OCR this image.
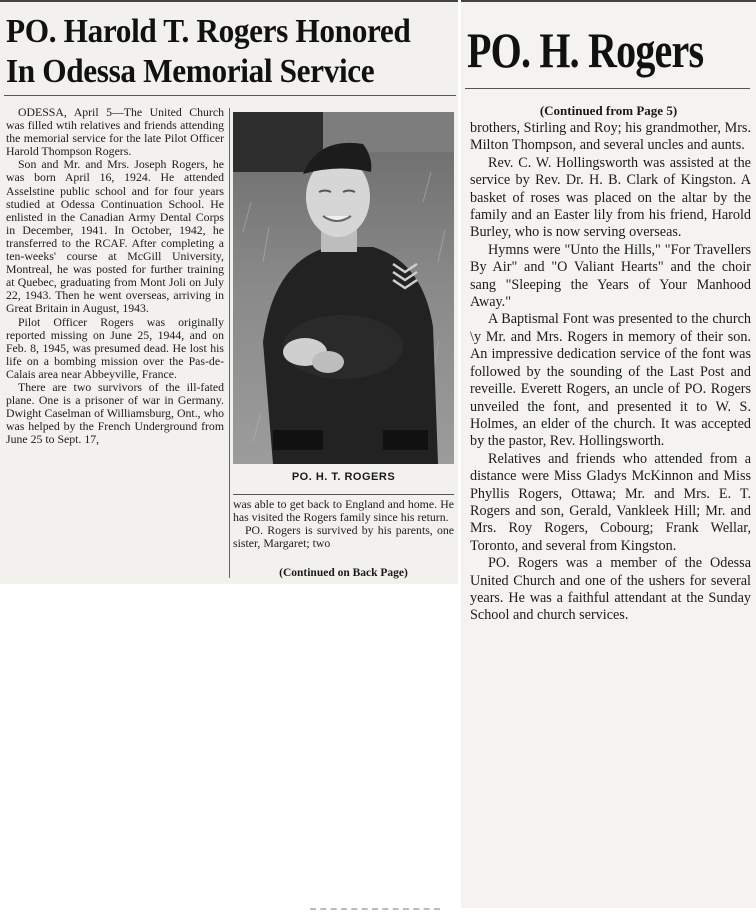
PO. Harold T. Rogers Honored
In Odessa Memorial Service

ODESSA, April 5—The United Church was filled wtih relatives and friends attending the memorial service for the late Pilot Officer Harold Thompson Rogers.

Son and Mr. and Mrs. Joseph Rogers, he was born April 16, 1924. He attended Asselstine public school and for four years studied at Odessa Continuation School. He enlisted in the Canadian Army Dental Corps in December, 1941. In October, 1942, he transferred to the RCAF. After completing a ten-weeks' course at McGill University, Montreal, he was posted for further training at Quebec, graduating from Mont Joli on July 22, 1943. Then he went overseas, arriving in Great Britain in August, 1943.

Pilot Officer Rogers was originally reported missing on June 25, 1944, and on Feb. 8, 1945, was presumed dead. He lost his life on a bombing mission over the Pas-de-Calais area near Abbeyville, France.

There are two survivors of the ill-fated plane. One is a prisoner of war in Germany. Dwight Caselman of Williamsburg, Ont., who was helped by the French Underground from June 25 to Sept. 17,

PO. H. T. ROGERS

was able to get back to England and home. He has visited the Rogers family since his return.

PO. Rogers is survived by his parents, one sister, Margaret; two

(Continued on Back Page)
PO. H. Rogers
(Continued from Page 5)

brothers, Stirling and Roy; his grandmother, Mrs. Milton Thompson, and several uncles and aunts.

Rev. C. W. Hollingsworth was assisted at the service by Rev. Dr. H. B. Clark of Kingston. A basket of roses was placed on the altar by the family and an Easter lily from his friend, Harold Burley, who is now serving overseas.

Hymns were "Unto the Hills," "For Travellers By Air" and "O Valiant Hearts" and the choir sang "Sleeping the Years of Your Manhood Away."

A Baptismal Font was presented to the church \y Mr. and Mrs. Rogers in memory of their son. An impressive dedication service of the font was followed by the sounding of the Last Post and reveille. Everett Rogers, an uncle of PO. Rogers unveiled the font, and presented it to W. S. Holmes, an elder of the church. It was accepted by the pastor, Rev. Hollingsworth.

Relatives and friends who attended from a distance were Miss Gladys McKinnon and Miss Phyllis Rogers, Ottawa; Mr. and Mrs. E. T. Rogers and son, Gerald, Vankleek Hill; Mr. and Mrs. Roy Rogers, Cobourg; Frank Wellar, Toronto, and several from Kingston.

PO. Rogers was a member of the Odessa United Church and one of the ushers for several years. He was a faithful attendant at the Sunday School and church services.
